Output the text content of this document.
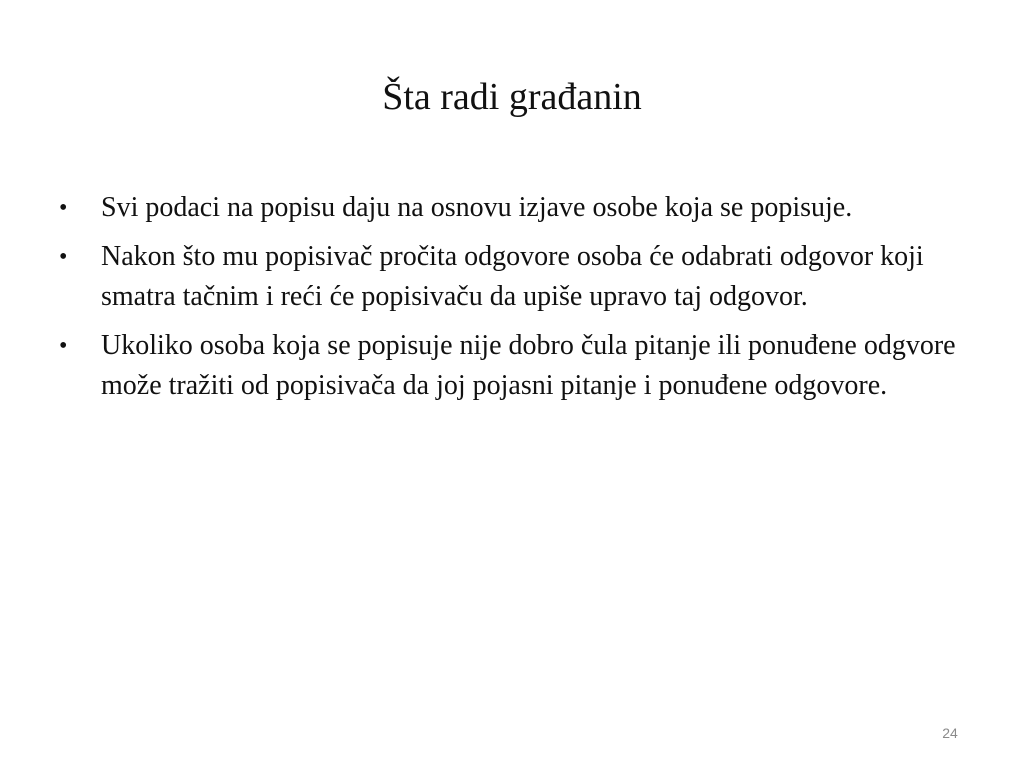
Šta radi građanin
•	Svi podaci na popisu daju na osnovu izjave osobe koja se popisuje.
•	Nakon što mu popisivač pročita odgovore osoba će odabrati odgovor koji smatra tačnim i reći će popisivaču da upiše upravo taj odgovor.
•	Ukoliko osoba koja se popisuje nije dobro čula pitanje ili ponuđene odgvore može tražiti od popisivača da joj pojasni pitanje i ponuđene odgovore.
24
